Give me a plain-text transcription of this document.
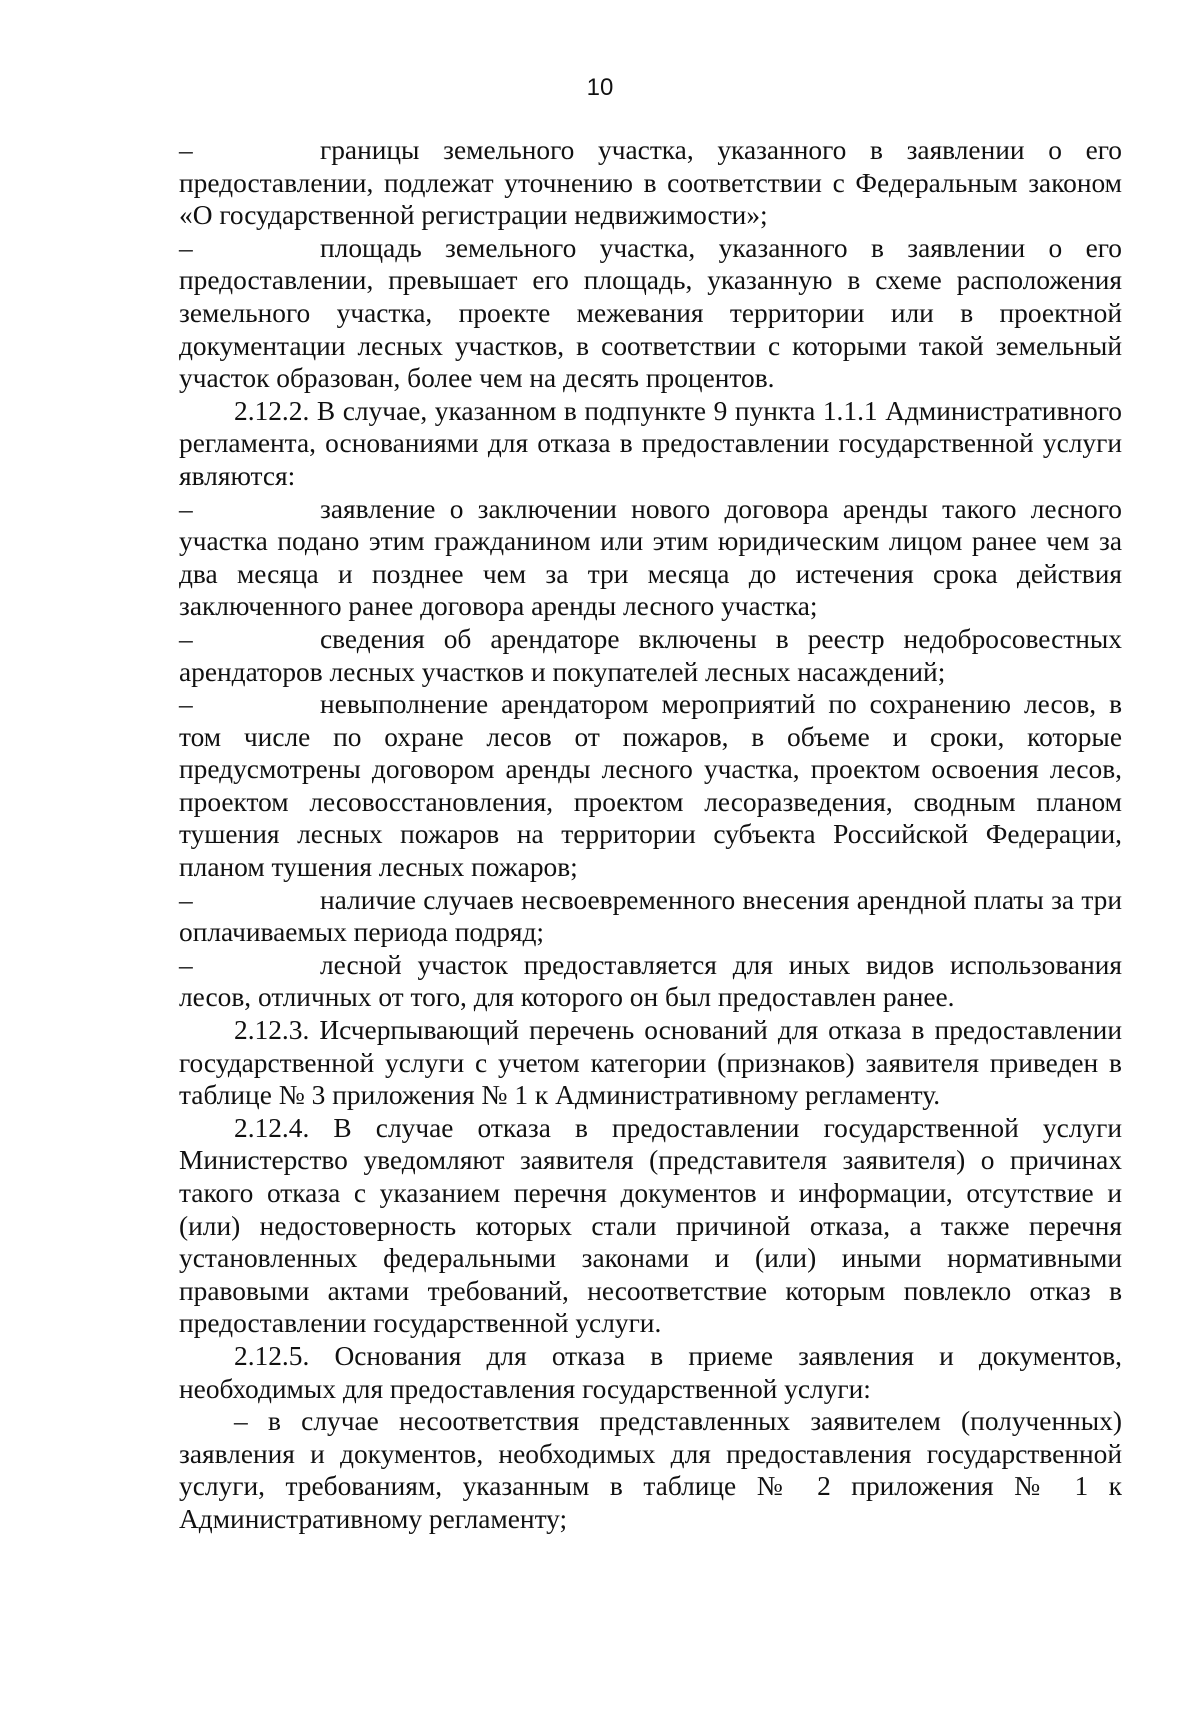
10

–	границы земельного участка, указанного в заявлении о его предоставлении, подлежат уточнению в соответствии с Федеральным законом «О государственной регистрации недвижимости»;

–	площадь земельного участка, указанного в заявлении о его предоставлении, превышает его площадь, указанную в схеме расположения земельного участка, проекте межевания территории или в проектной документации лесных участков, в соответствии с которыми такой земельный участок образован, более чем на десять процентов.

2.12.2. В случае, указанном в подпункте 9 пункта 1.1.1 Административного регламента, основаниями для отказа в предоставлении государственной услуги являются:

–	заявление о заключении нового договора аренды такого лесного участка подано этим гражданином или этим юридическим лицом ранее чем за два месяца и позднее чем за три месяца до истечения срока действия заключенного ранее договора аренды лесного участка;

–	сведения об арендаторе включены в реестр недобросовестных арендаторов лесных участков и покупателей лесных насаждений;

–	невыполнение арендатором мероприятий по сохранению лесов, в том числе по охране лесов от пожаров, в объеме и сроки, которые предусмотрены договором аренды лесного участка, проектом освоения лесов, проектом лесовосстановления, проектом лесоразведения, сводным планом тушения лесных пожаров на территории субъекта Российской Федерации, планом тушения лесных пожаров;

–	наличие случаев несвоевременного внесения арендной платы за три оплачиваемых периода подряд;

–	лесной участок предоставляется для иных видов использования лесов, отличных от того, для которого он был предоставлен ранее.

2.12.3. Исчерпывающий перечень оснований для отказа в предоставлении государственной услуги с учетом категории (признаков) заявителя приведен в таблице № 3 приложения № 1 к Административному регламенту.

2.12.4. В случае отказа в предоставлении государственной услуги Министерство уведомляют заявителя (представителя заявителя) о причинах такого отказа с указанием перечня документов и информации, отсутствие и (или) недостоверность которых стали причиной отказа, а также перечня установленных федеральными законами и (или) иными нормативными правовыми актами требований, несоответствие которым повлекло отказ в предоставлении государственной услуги.

2.12.5. Основания для отказа в приеме заявления и документов, необходимых для предоставления государственной услуги:

– в случае несоответствия представленных заявителем (полученных) заявления и документов, необходимых для предоставления государственной услуги, требованиям, указанным в таблице № 2 приложения № 1 к Административному регламенту;
